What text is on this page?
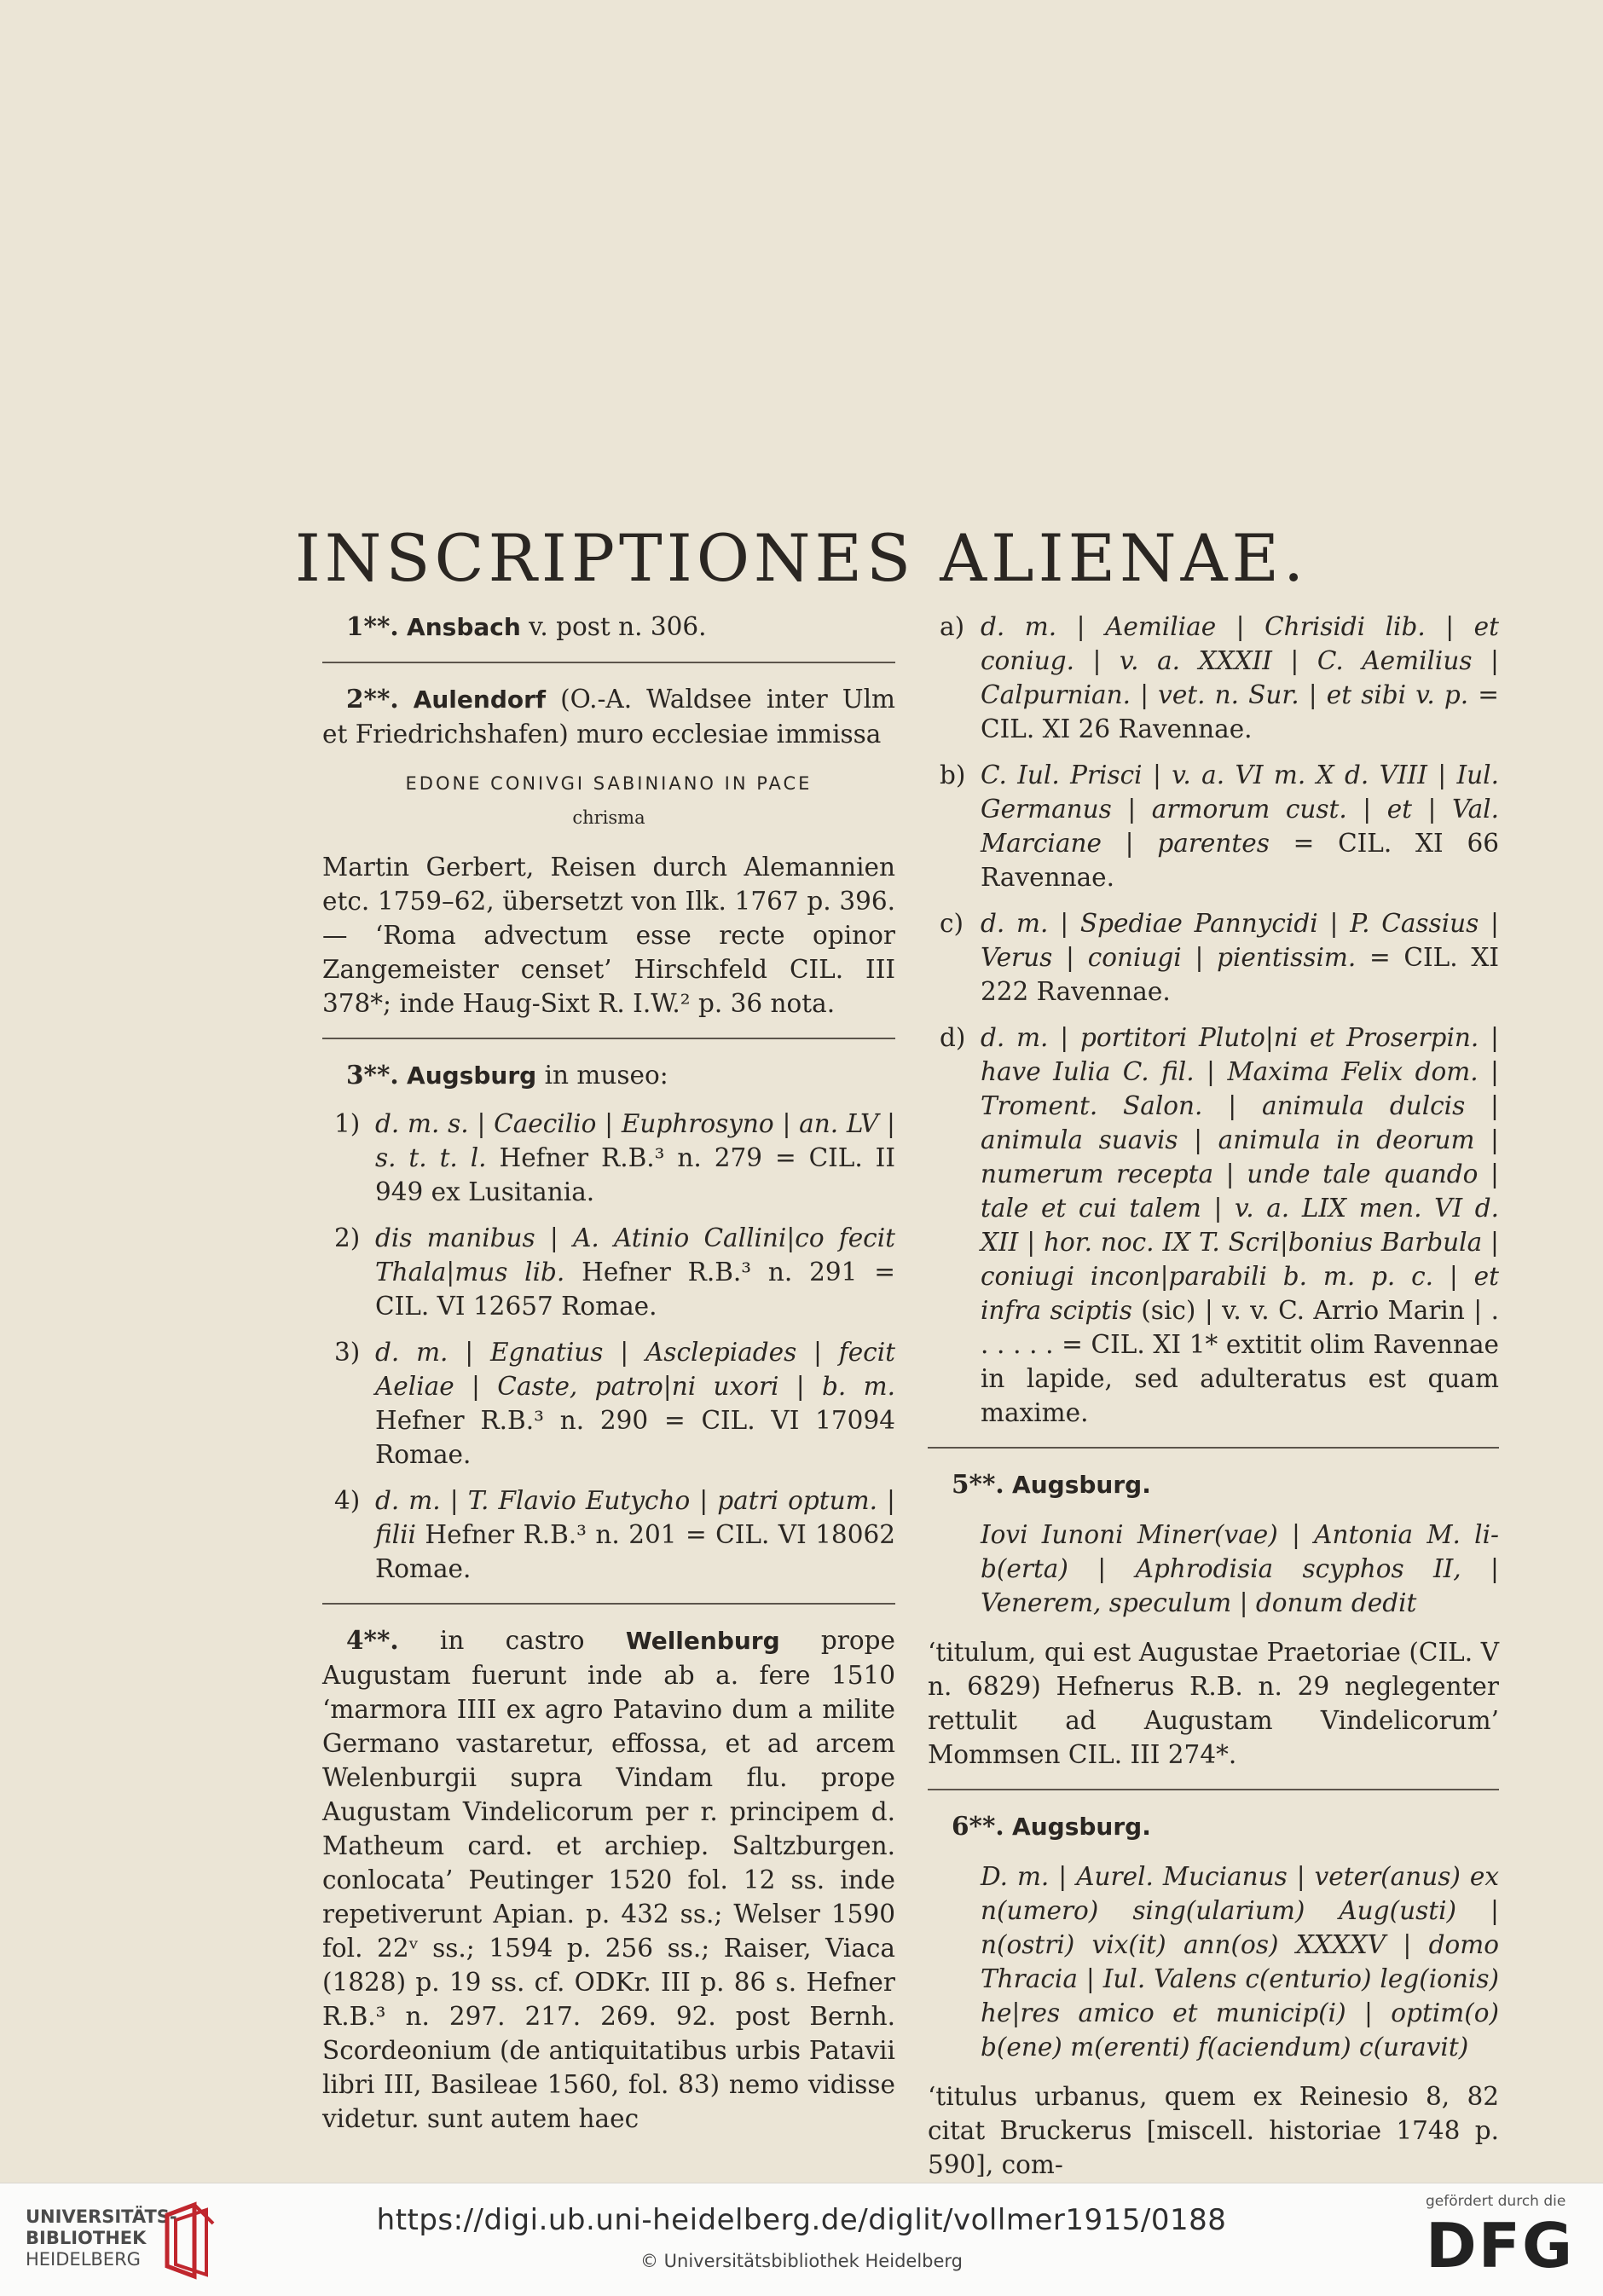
INSCRIPTIONES ALIENAE.

1**. Ansbach v. post n. 306.

2**. Aulendorf (O.-A. Waldsee inter Ulm et Friedrichshafen) muro ecclesiae immissa

EDONE CONIVGI SABINIANO IN PACE

chrisma

Martin Gerbert, Reisen durch Alemannien etc. 1759–62, übersetzt von Ilk. 1767 p. 396. — ‘Roma advectum esse recte opinor Zangemeister censet’ Hirschfeld CIL. III 378*; inde Haug-Sixt R. I.W.² p. 36 nota.

3**. Augsburg in museo:

1) d. m. s. | Caecilio | Euphrosyno | an. LV | s. t. t. l. Hefner R.B.³ n. 279 = CIL. II 949 ex Lusitania.
2) dis manibus | A. Atinio Callini|co fecit Thala|mus lib. Hefner R.B.³ n. 291 = CIL. VI 12657 Romae.
3) d. m. | Egnatius | Asclepiades | fecit Aeliae | Caste, patro|ni uxori | b. m. Hefner R.B.³ n. 290 = CIL. VI 17094 Romae.
4) d. m. | T. Flavio Eutycho | patri optum. | filii Hefner R.B.³ n. 201 = CIL. VI 18062 Romae.

4**. in castro Wellenburg prope Augustam fuerunt inde ab a. fere 1510 ‘marmora IIII ex agro Patavino dum a milite Germano vastaretur, effossa, et ad arcem Welenburgii supra Vindam flu. prope Augustam Vindelicorum per r. principem d. Matheum card. et archiep. Saltzburgen. conlocata’ Peutinger 1520 fol. 12 ss. inde repetiverunt Apian. p. 432 ss.; Welser 1590 fol. 22ᵛ ss.; 1594 p. 256 ss.; Raiser, Viaca (1828) p. 19 ss. cf. ODKr. III p. 86 s. Hefner R.B.³ n. 297. 217. 269. 92. post Bernh. Scordeonium (de antiquitatibus urbis Patavii libri III, Basileae 1560, fol. 83) nemo vidisse videtur. sunt autem haec

a) d. m. | Aemiliae | Chrisidi lib. | et coniug. | v. a. XXXII | C. Aemilius | Calpurnian. | vet. n. Sur. | et sibi v. p. = CIL. XI 26 Ravennae.
b) C. Iul. Prisci | v. a. VI m. X d. VIII | Iul. Germanus | armorum cust. | et | Val. Marciane | parentes = CIL. XI 66 Ravennae.
c) d. m. | Spediae Pannycidi | P. Cassius | Verus | coniugi | pientissim. = CIL. XI 222 Ravennae.
d) d. m. | portitori Pluto|ni et Proserpin. | have Iulia C. fil. | Maxima Felix dom. | Troment. Salon. | animula dulcis | animula suavis | animula in deorum | numerum recepta | unde tale quando | tale et cui talem | v. a. LIX men. VI d. XII | hor. noc. IX T. Scri|bonius Barbula | coniugi incon|parabili b. m. p. c. | et infra sciptis (sic) | v. v. C. Arrio Marin | . . . . . . = CIL. XI 1* extitit olim Ravennae in lapide, sed adulteratus est quam maxime.

5**. Augsburg.

Iovi Iunoni Miner(vae) | Antonia M. li-b(erta) | Aphrodisia scyphos II, | Venerem, speculum | donum dedit

‘titulum, qui est Augustae Praetoriae (CIL. V n. 6829) Hefnerus R.B. n. 29 neglegenter rettulit ad Augustam Vindelicorum’ Mommsen CIL. III 274*.

6**. Augsburg.

D. m. | Aurel. Mucianus | veter(anus) ex n(umero) sing(ularium) Aug(usti) | n(ostri) vix(it) ann(os) XXXXV | domo Thracia | Iul. Valens c(enturio) leg(ionis) he|res amico et municip(i) | optim(o) b(ene) m(erenti) f(aciendum) c(uravit)

‘titulus urbanus, quem ex Reinesio 8, 82 citat Bruckerus [miscell. historiae 1748 p. 590], com-

UNIVERSITÄTS-
BIBLIOTHEK
HEIDELBERG
https://digi.ub.uni-heidelberg.de/diglit/vollmer1915/0188
© Universitätsbibliothek Heidelberg
gefördert durch die
DFG
